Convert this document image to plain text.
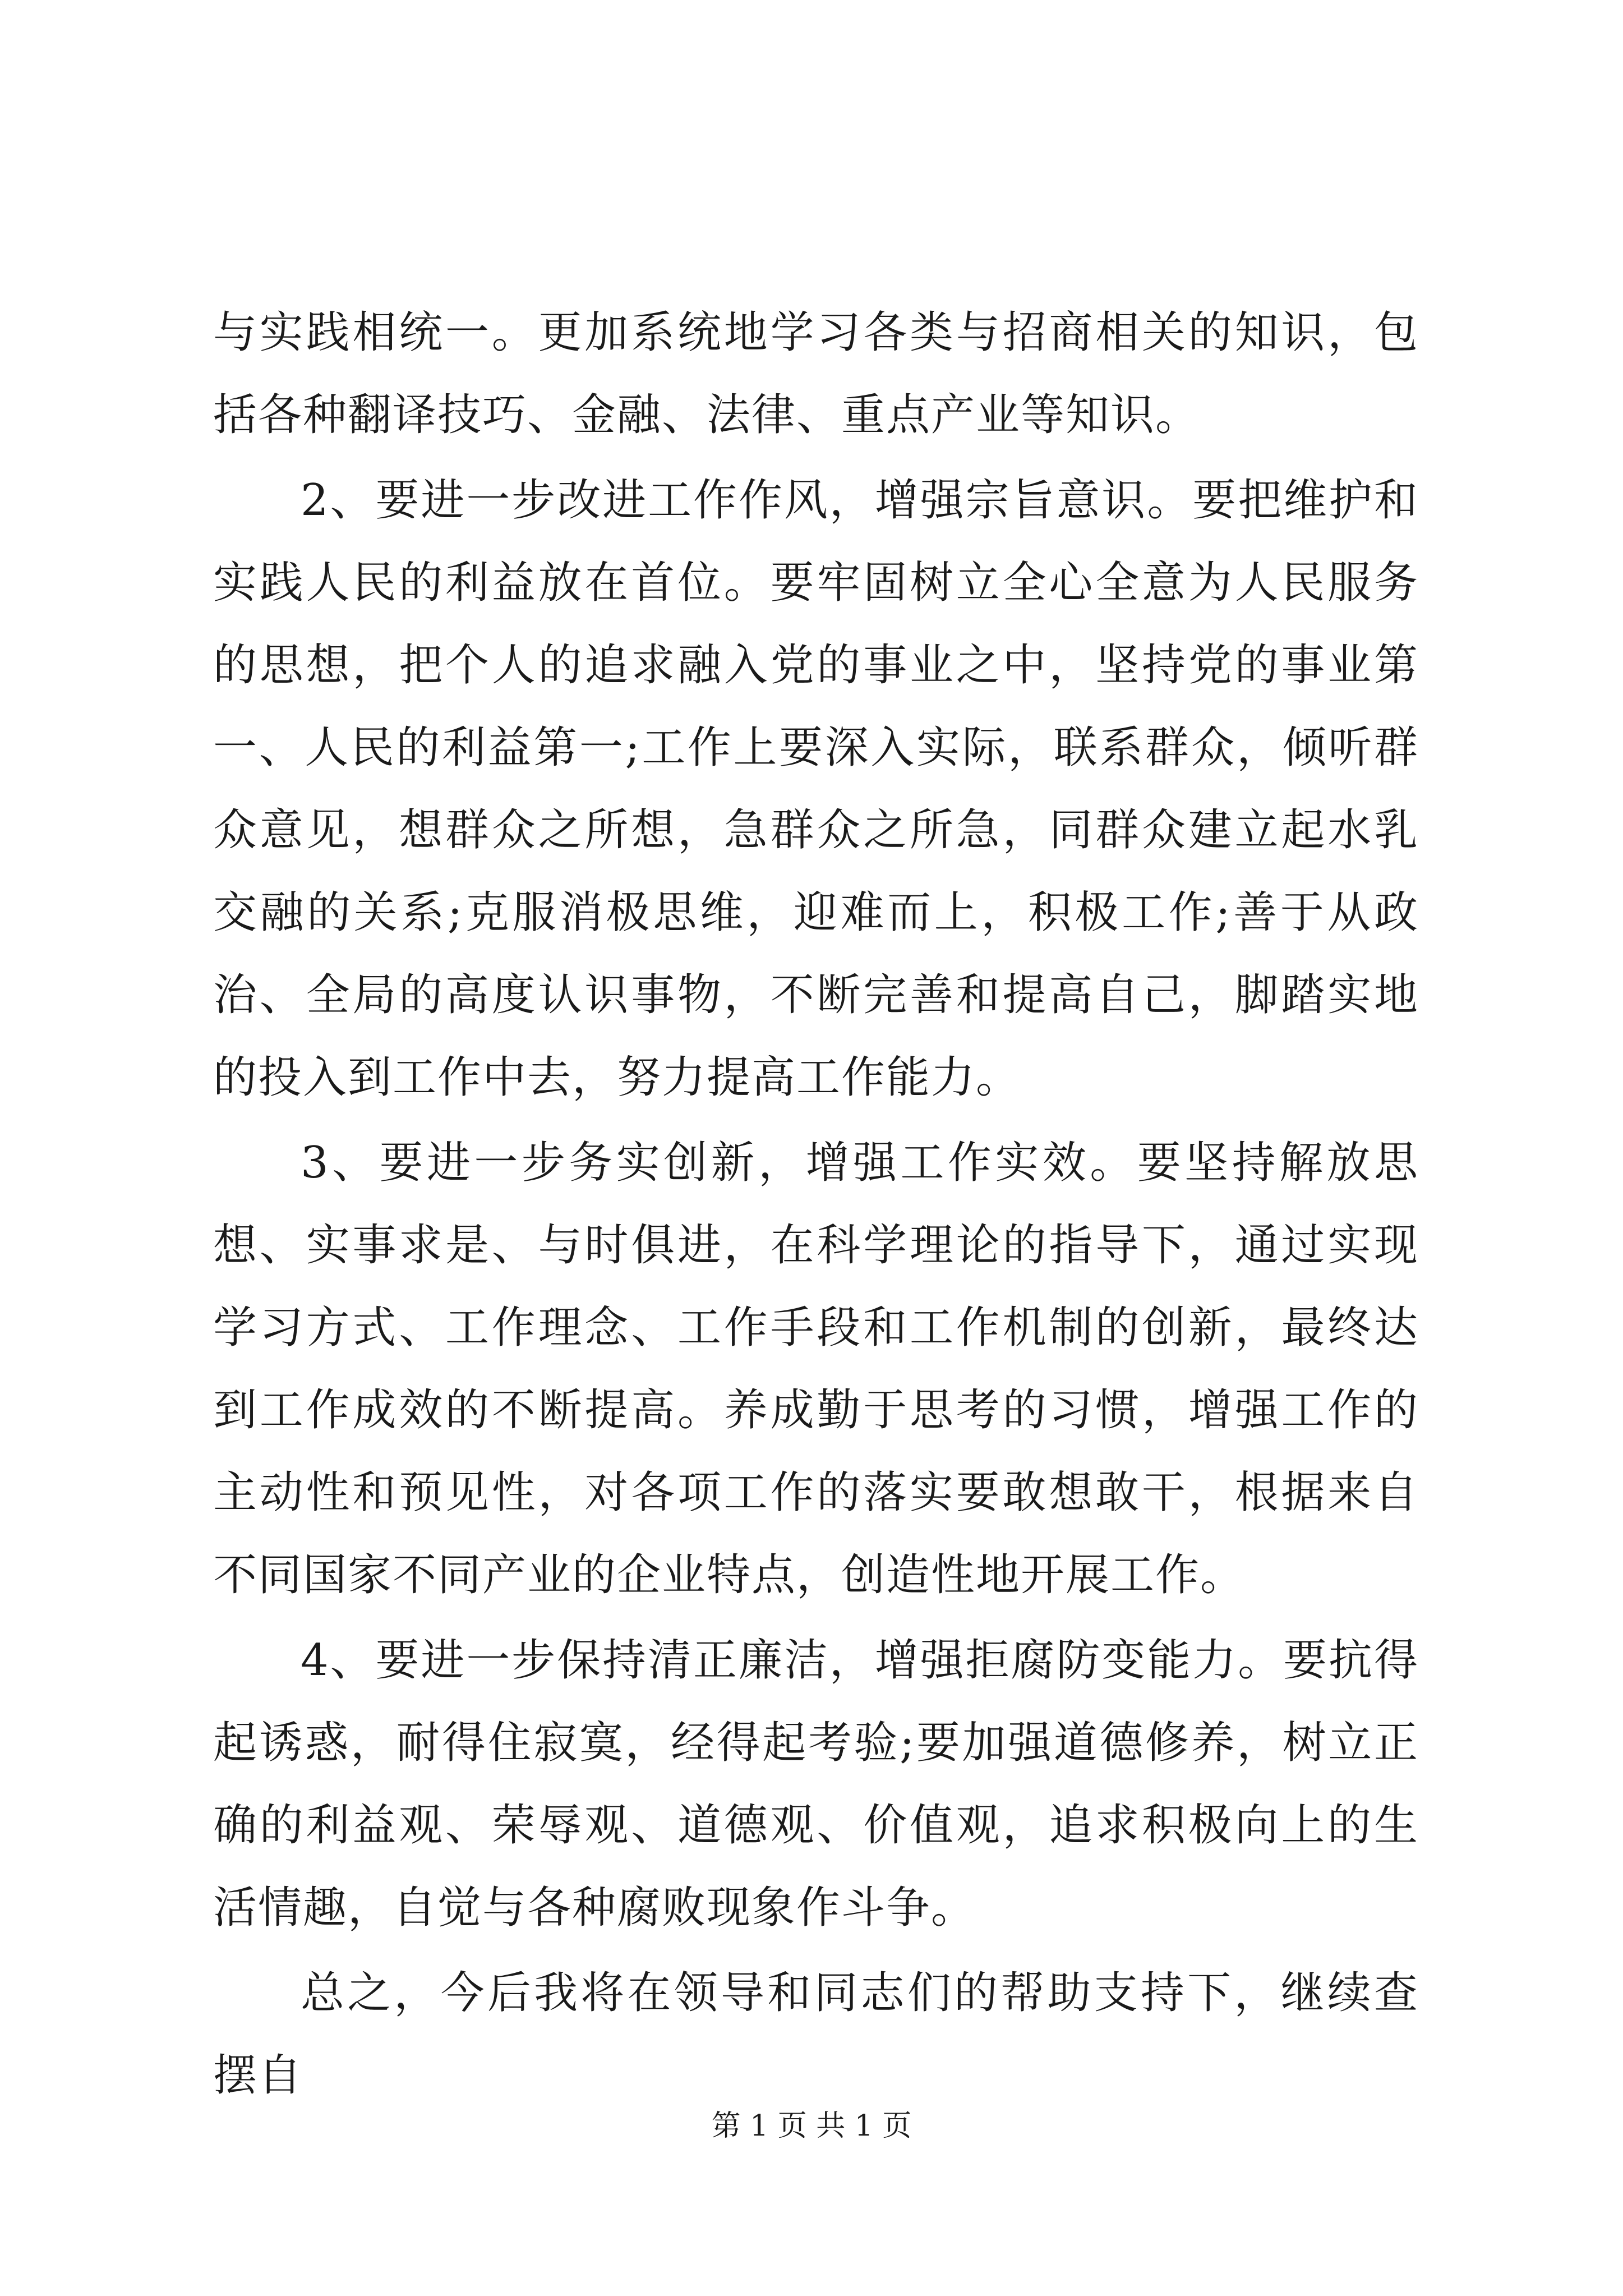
与实践相统一。更加系统地学习各类与招商相关的知识，包括各种翻译技巧、金融、法律、重点产业等知识。

2、要进一步改进工作作风，增强宗旨意识。要把维护和实践人民的利益放在首位。要牢固树立全心全意为人民服务的思想，把个人的追求融入党的事业之中，坚持党的事业第一、人民的利益第一;工作上要深入实际，联系群众，倾听群众意见，想群众之所想，急群众之所急，同群众建立起水乳交融的关系;克服消极思维，迎难而上，积极工作;善于从政治、全局的高度认识事物，不断完善和提高自己，脚踏实地的投入到工作中去，努力提高工作能力。

3、要进一步务实创新，增强工作实效。要坚持解放思想、实事求是、与时俱进，在科学理论的指导下，通过实现学习方式、工作理念、工作手段和工作机制的创新，最终达到工作成效的不断提高。养成勤于思考的习惯，增强工作的主动性和预见性，对各项工作的落实要敢想敢干，根据来自不同国家不同产业的企业特点，创造性地开展工作。

4、要进一步保持清正廉洁，增强拒腐防变能力。要抗得起诱惑，耐得住寂寞，经得起考验;要加强道德修养，树立正确的利益观、荣辱观、道德观、价值观，追求积极向上的生活情趣，自觉与各种腐败现象作斗争。

总之，今后我将在领导和同志们的帮助支持下，继续查摆自

第 1 页 共 1 页
